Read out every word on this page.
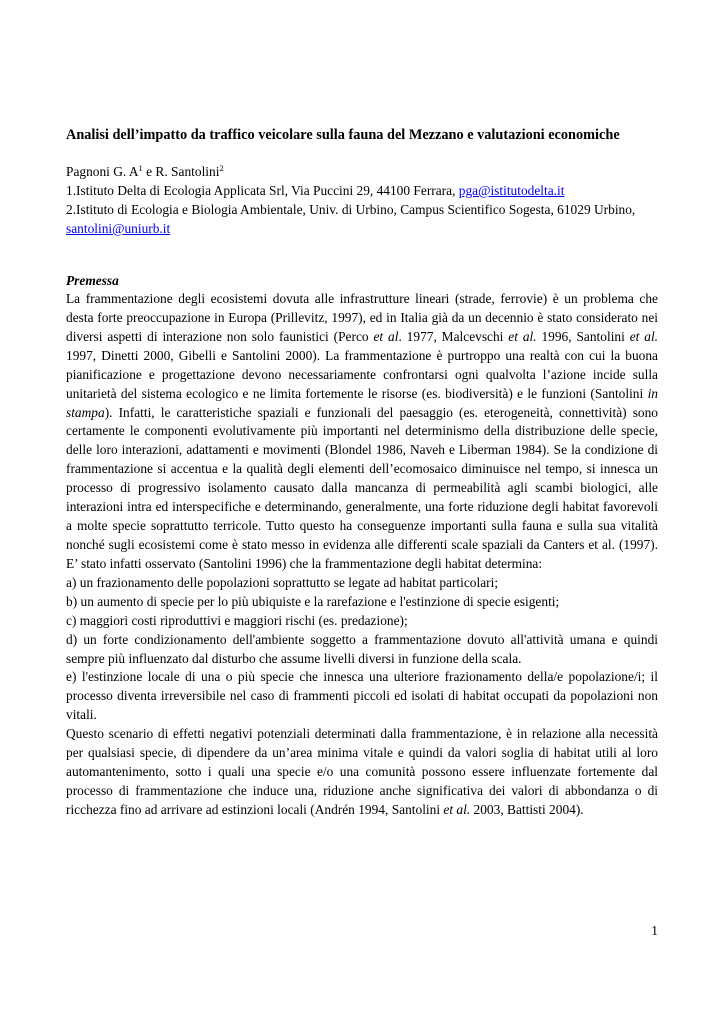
Analisi dell’impatto da traffico veicolare sulla fauna del Mezzano e valutazioni economiche
Pagnoni G. $A^1$ e R. Santolini$^2$
1.Istituto Delta di Ecologia Applicata Srl, Via Puccini 29, 44100 Ferrara, pga@istitutodelta.it
2.Istituto di Ecologia e Biologia Ambientale, Univ. di Urbino, Campus Scientifico Sogesta, 61029 Urbino, santolini@uniurb.it
Premessa

La frammentazione degli ecosistemi dovuta alle infrastrutture lineari (strade, ferrovie) è un problema che desta forte preoccupazione in Europa (Prillevitz, 1997), ed in Italia già da un decennio è stato considerato nei diversi aspetti di interazione non solo faunistici (Perco et al. 1977, Malcevschi et al. 1996, Santolini et al. 1997, Dinetti 2000, Gibelli e Santolini 2000). La frammentazione è purtroppo una realtà con cui la buona pianificazione e progettazione devono necessariamente confrontarsi ogni qualvolta l’azione incide sulla unitarietà del sistema ecologico e ne limita fortemente le risorse (es. biodiversità) e le funzioni (Santolini in stampa). Infatti, le caratteristiche spaziali e funzionali del paesaggio (es. eterogeneità, connettività) sono certamente le componenti evolutivamente più importanti nel determinismo della distribuzione delle specie, delle loro interazioni, adattamenti e movimenti (Blondel 1986, Naveh e Liberman 1984). Se la condizione di frammentazione si accentua e la qualità degli elementi dell’ecomosaico diminuisce nel tempo, si innesca un processo di progressivo isolamento causato dalla mancanza di permeabilità agli scambi biologici, alle interazioni intra ed interspecifiche e determinando, generalmente, una forte riduzione degli habitat favorevoli a molte specie soprattutto terricole. Tutto questo ha conseguenze importanti sulla fauna e sulla sua vitalità nonché sugli ecosistemi come è stato messo in evidenza alle differenti scale spaziali da Canters et al. (1997). E’ stato infatti osservato (Santolini 1996) che la frammentazione degli habitat determina:

a) un frazionamento delle popolazioni soprattutto se legate ad habitat particolari;

b) un aumento di specie per lo più ubiquiste e la rarefazione e l'estinzione di specie esigenti;

c) maggiori costi riproduttivi e maggiori rischi (es. predazione);

d) un forte condizionamento dell'ambiente soggetto a frammentazione dovuto all'attività umana e quindi sempre più influenzato dal disturbo che assume livelli diversi in funzione della scala.

e) l'estinzione locale di una o più specie che innesca una ulteriore frazionamento della/e popolazione/i; il processo diventa irreversibile nel caso di frammenti piccoli ed isolati di habitat occupati da popolazioni non vitali.

Questo scenario di effetti negativi potenziali determinati dalla frammentazione, è in relazione alla necessità per qualsiasi specie, di dipendere da un’area minima vitale e quindi da valori soglia di habitat utili al loro automantenimento, sotto i quali una specie e/o una comunità possono essere influenzate fortemente dal processo di frammentazione che induce una, riduzione anche significativa dei valori di abbondanza o di ricchezza fino ad arrivare ad estinzioni locali (Andrén 1994, Santolini et al. 2003, Battisti 2004).

1
